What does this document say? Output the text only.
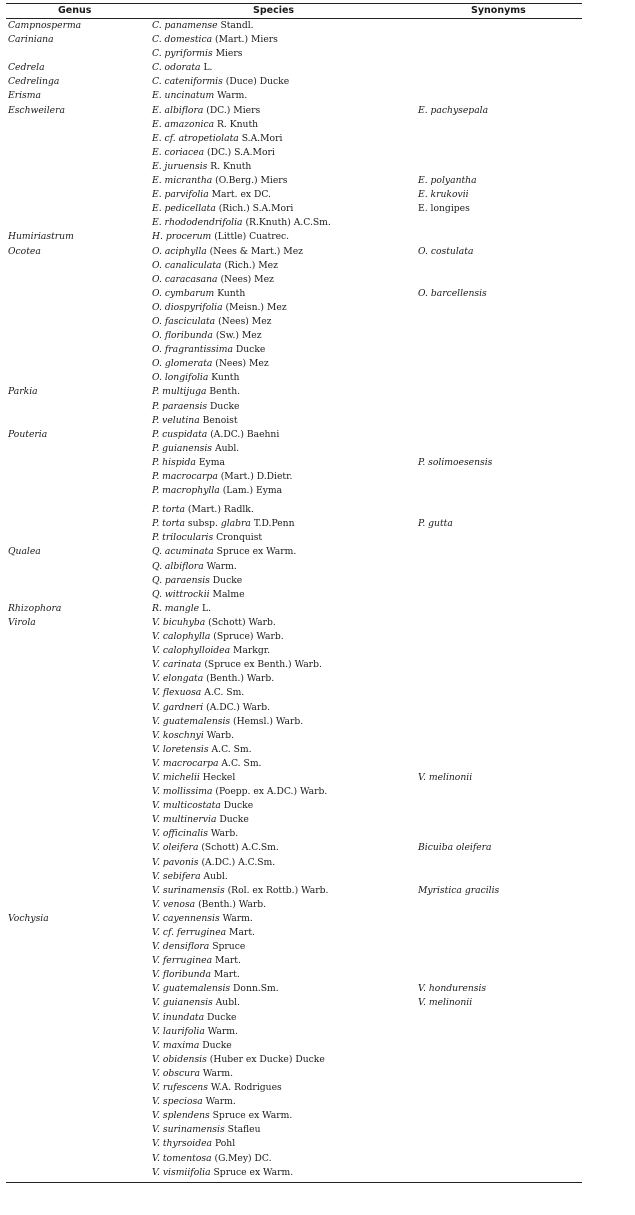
Genus	Species	Synonyms
Campnosperma	C. panamense Standl.
Cariniana	C. domestica (Mart.) Miers
C. pyriformis Miers
Cedrela	C. odorata L.
Cedrelinga	C. cateniformis (Duce) Ducke
Erisma	E. uncinatum Warm.
Eschweilera	E. albiflora (DC.) Miers	E. pachysepala
E. amazonica R. Knuth
E. cf. atropetiolata S.A.Mori
E. coriacea (DC.) S.A.Mori
E. juruensis R. Knuth
E. micrantha (O.Berg.) Miers	E. polyantha
E. parvifolia Mart. ex DC.	E. krukovii
E. pedicellata (Rich.) S.A.Mori	E. longipes
E. rhododendrifolia (R.Knuth) A.C.Sm.
Humiriastrum	H. procerum (Little) Cuatrec.
Ocotea	O. aciphylla (Nees & Mart.) Mez	O. costulata
O. canaliculata (Rich.) Mez
O. caracasana (Nees) Mez
O. cymbarum Kunth	O. barcellensis
O. diospyrifolia (Meisn.) Mez
O. fasciculata (Nees) Mez
O. floribunda (Sw.) Mez
O. fragrantissima Ducke
O. glomerata (Nees) Mez
O. longifolia Kunth
Parkia	P. multijuga Benth.
P. paraensis Ducke
P. velutina Benoist
Pouteria	P. cuspidata (A.DC.) Baehni
P. guianensis Aubl.
P. hispida Eyma	P. solimoesensis
P. macrocarpa (Mart.) D.Dietr.
P. macrophylla (Lam.) Eyma
P. torta (Mart.) Radlk.
P. torta subsp. glabra T.D.Penn	P. gutta
P. trilocularis Cronquist
Qualea	Q. acuminata Spruce ex Warm.
Q. albiflora Warm.
Q. paraensis Ducke
Q. wittrockii Malme
Rhizophora	R. mangle L.
Virola	V. bicuhyba (Schott) Warb.
V. calophylla (Spruce) Warb.
V. calophylloidea Markgr.
V. carinata (Spruce ex Benth.) Warb.
V. elongata (Benth.) Warb.
V. flexuosa A.C. Sm.
V. gardneri (A.DC.) Warb.
V. guatemalensis (Hemsl.) Warb.
V. koschnyi Warb.
V. loretensis A.C. Sm.
V. macrocarpa A.C. Sm.
V. michelii Heckel	V. melinonii
V. mollissima (Poepp. ex A.DC.) Warb.
V. multicostata Ducke
V. multinervia Ducke
V. officinalis Warb.
V. oleifera (Schott) A.C.Sm.	Bicuiba oleifera
V. pavonis (A.DC.) A.C.Sm.
V. sebifera Aubl.
V. surinamensis (Rol. ex Rottb.) Warb.	Myristica gracilis
V. venosa (Benth.) Warb.
Vochysia	V. cayennensis Warm.
V. cf. ferruginea Mart.
V. densiflora Spruce
V. ferruginea Mart.
V. floribunda Mart.
V. guatemalensis Donn.Sm.	V. hondurensis
V. guianensis Aubl.	V. melinonii
V. inundata Ducke
V. laurifolia Warm.
V. maxima Ducke
V. obidensis (Huber ex Ducke) Ducke
V. obscura Warm.
V. rufescens W.A. Rodrigues
V. speciosa Warm.
V. splendens Spruce ex Warm.
V. surinamensis Stafleu
V. thyrsoidea Pohl
V. tomentosa (G.Mey) DC.
V. vismiifolia Spruce ex Warm.
